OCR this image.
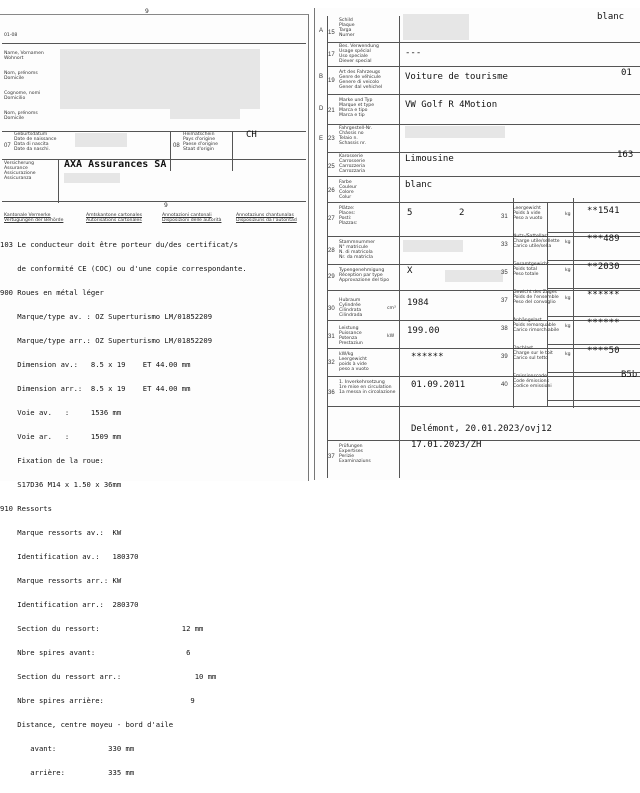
01-08
9
Name, Vornamen
Wohnort
Nom, prénoms
Domicile
Cognome, nomi
Domicilio
Nom, prénoms
Domicile
07
Geburtsdatum
Date de naissance
Data di nascita
Date da naschi.
08
Heimatschein
Pays d'origine
Paese d'origine
Staat d'origin
CH
Versicherung
Assurance
Assicurazione
Assicuranza
AXA Assurances SA
9
Kantonale Vermerke
Vertügungen der Behörde
Amtskantone cartonales
Autorisations cartonales
Annotazioni cantonali
Disposizioni delle autorità
Annotaziuns chantunalas
Disposiziuns da l'autoritad

103 Le conducteur doit être porteur du/des certificat/s

de conformité CE (COC) ou d'une copie correspondante.

900 Roues en métal léger

Marque/type av. : OZ Superturismo LM/01852209

Marque/type arr.: OZ Superturismo LM/01852209

Dimension av.:   8.5 x 19    ET 44.00 mm

Dimension arr.:  8.5 x 19    ET 44.00 mm

Voie av.   :     1536 mm

Voie ar.   :     1509 mm

Fixation de la roue:

S17D36 M14 x 1.50 x 36mm

910 Ressorts

Marque ressorts av.:  KW

Identification av.:   180370

Marque ressorts arr.: KW

Identification arr.:  280370

Section du ressort:                   12 mm

Nbre spires avant:                     6

Section du ressort arr.:                 10 mm

Nbre spires arrière:                    9

Distance, centre moyeu - bord d'aile

avant:            330 mm

arrière:          335 mm

A
B
D
E
15
Schild
Plaque
Targa
Numer
blanc
17
Bes. Verwendung
Usage spécial
Uso speciale
Diever special
---
19
Art des Fahrzeugs
Genre de véhicule
Genere di veicolo
Gener dal vehichel
Voiture de tourisme	01
21
Marke und Typ
Marque et type
Marca e tipo
Marca e tip
VW Golf R 4Motion
23
Fahrgestell-Nr.
Châssis no
Telaio n.
Schassis nr.
25
Karosserie
Carrosserie
Carrozzeria
Carrozzaria
Limousine	163
26
Farbe
Couleur
Colore
Colur
blanc
27
Plätze:
Places:
Posti:
Plazzas:
5	2
28
Stammnummer
N° matricule
N. di matricola
Nr. da matricla
29
Typengenehmigung
Réception par type
Approvazione del tipo
X
30
Hubraum
Cylindrée
Cilindrata
Cilindrada
cm³
1984
31
Leistung
Puissance
Potenza
Prestaziun
kW
199.00
32
kW/kg
Leergewicht
poids à vide
peso a vuoto
******
36
1. Inverkehrsetzung
1re mise en circulation
1a messa in circolazione
01.09.2011
B5b
Delémont, 20.01.2023/ovj12
37
Prüfungen
Expertises
Perizie
Examinaziuns
17.01.2023/ZH
31
Leergewicht
Poids à vide
Peso a vuoto
kg **1541
33
Nutz-/Sattellast
Charge utile/sellette
Carico utile/sella
kg ***489
35
Gesamtgewicht
Poids total
Peso totale
kg **2030
37
Gewicht des Zuges
Poids de l'ensemble
Peso del convoglio
kg ******
38
Anhängelast
Poids remorquable
Carico rimorchiabile
kg ******
39
Dachlast
Charge sur le toit
Carico sul tetto
kg ****50
40
Emissionscode
Code émissions
Codice emissioni
